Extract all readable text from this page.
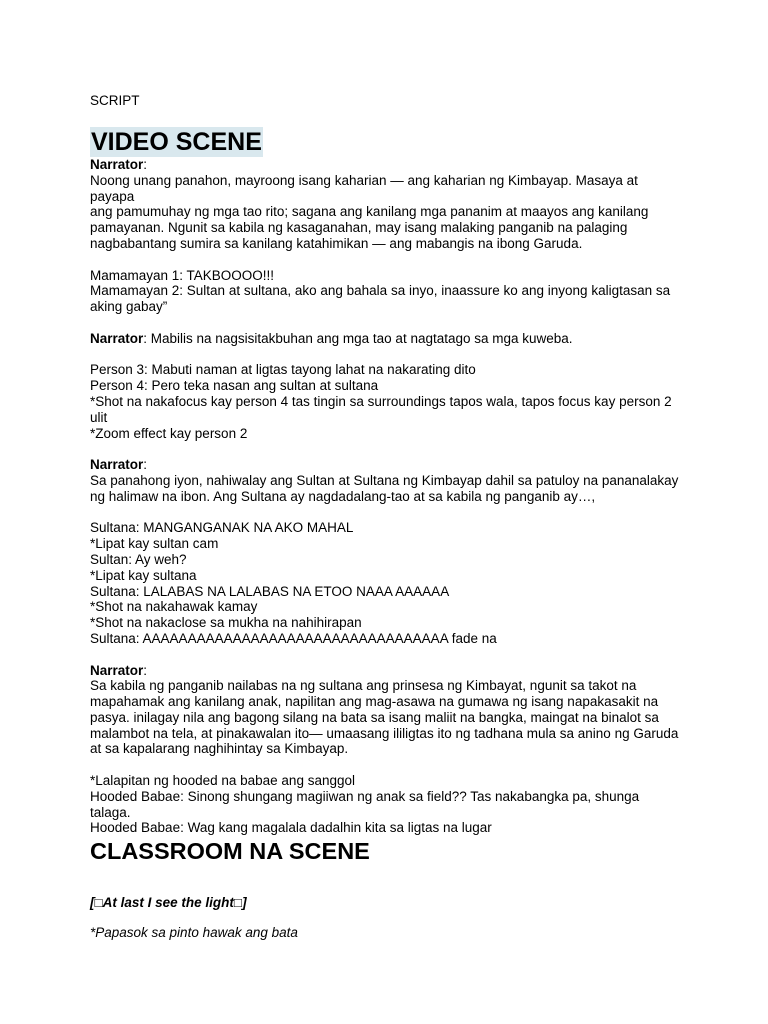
SCRIPT

VIDEO SCENE

Narrator:

Noong unang panahon, mayroong isang kaharian — ang kaharian ng Kimbayap. Masaya at payapa
ang pamumuhay ng mga tao rito; sagana ang kanilang mga pananim at maayos ang kanilang
pamayanan. Ngunit sa kabila ng kasaganahan, may isang malaking panganib na palaging
nagbabantang sumira sa kanilang katahimikan — ang mabangis na ibong Garuda.

Mamamayan 1: TAKBOOOO!!!
Mamamayan 2: Sultan at sultana, ako ang bahala sa inyo, inaassure ko ang inyong kaligtasan sa
aking gabay”

Narrator: Mabilis na nagsisitakbuhan ang mga tao at nagtatago sa mga kuweba.

Person 3: Mabuti naman at ligtas tayong lahat na nakarating dito
Person 4: Pero teka nasan ang sultan at sultana
*Shot na nakafocus kay person 4 tas tingin sa surroundings tapos wala, tapos focus kay person 2
ulit
*Zoom effect kay person 2

Narrator:

Sa panahong iyon, nahiwalay ang Sultan at Sultana ng Kimbayap dahil sa patuloy na pananalakay
ng halimaw na ibon. Ang Sultana ay nagdadalang-tao at sa kabila ng panganib ay…,

Sultana: MANGANGANAK NA AKO MAHAL
*Lipat kay sultan cam
Sultan: Ay weh?
*Lipat kay sultana
Sultana: LALABAS NA LALABAS NA ETOO NAAA AAAAAA
*Shot na nakahawak kamay
*Shot na nakaclose sa mukha na nahihirapan
Sultana: AAAAAAAAAAAAAAAAAAAAAAAAAAAAAAAAAA fade na

Narrator:

Sa kabila ng panganib nailabas na ng sultana ang prinsesa ng Kimbayat, ngunit sa takot na
mapahamak ang kanilang anak, napilitan ang mag-asawa na gumawa ng isang napakasakit na
pasya. inilagay nila ang bagong silang na bata sa isang maliit na bangka, maingat na binalot sa
malambot na tela, at pinakawalan ito— umaasang ililigtas ito ng tadhana mula sa anino ng Garuda
at sa kapalarang naghihintay sa Kimbayap.

*Lalapitan ng hooded na babae ang sanggol
Hooded Babae: Sinong shungang magiiwan ng anak sa field?? Tas nakabangka pa, shunga talaga.
Hooded Babae: Wag kang magalala dadalhin kita sa ligtas na lugar

CLASSROOM NA SCENE

[□At last I see the light□]

*Papasok sa pinto hawak ang bata
